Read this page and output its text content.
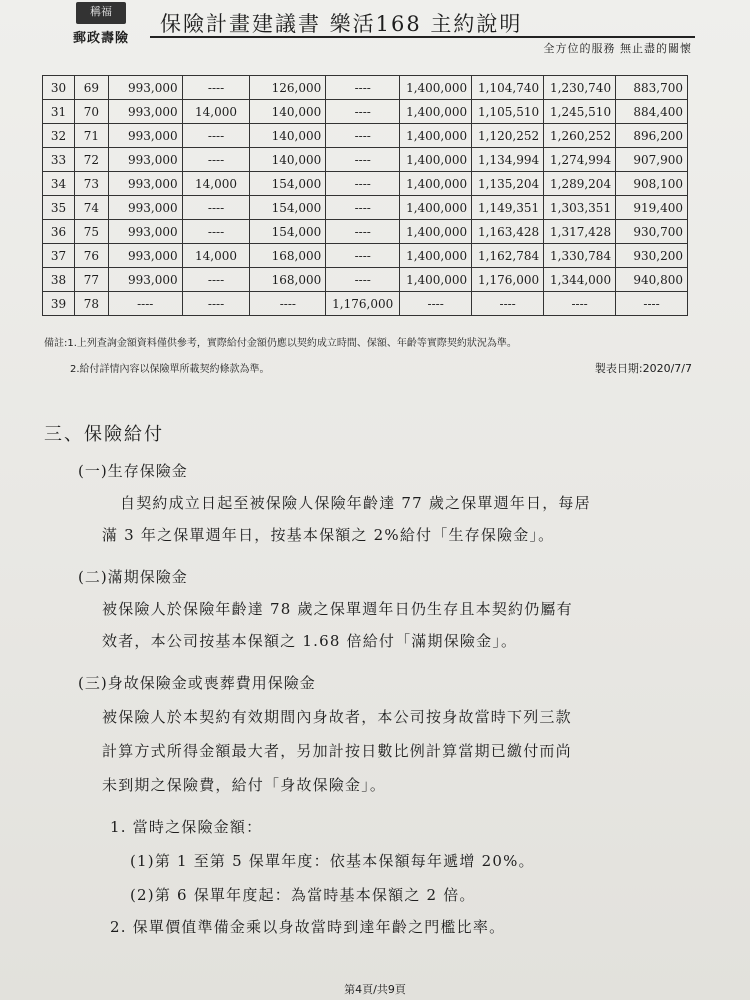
稱福
郵政壽險
保險計畫建議書 樂活168 主約說明
全方位的服務 無止盡的關懷
30	69	993,000	----	126,000	----	1,400,000	1,104,740	1,230,740	883,700
31	70	993,000	14,000	140,000	----	1,400,000	1,105,510	1,245,510	884,400
32	71	993,000	----	140,000	----	1,400,000	1,120,252	1,260,252	896,200
33	72	993,000	----	140,000	----	1,400,000	1,134,994	1,274,994	907,900
34	73	993,000	14,000	154,000	----	1,400,000	1,135,204	1,289,204	908,100
35	74	993,000	----	154,000	----	1,400,000	1,149,351	1,303,351	919,400
36	75	993,000	----	154,000	----	1,400,000	1,163,428	1,317,428	930,700
37	76	993,000	14,000	168,000	----	1,400,000	1,162,784	1,330,784	930,200
38	77	993,000	----	168,000	----	1,400,000	1,176,000	1,344,000	940,800
39	78	----	----	----	1,176,000	----	----	----	----
備註:1.上列查詢金額資料僅供參考，實際給付金額仍應以契約成立時間、保額、年齡等實際契約狀況為準。
2.給付詳情內容以保險單所載契約條款為準。	製表日期:2020/7/7
三、保險給付
(一)生存保險金
自契約成立日起至被保險人保險年齡達 77 歲之保單週年日，每居
滿 3 年之保單週年日，按基本保額之 2%給付「生存保險金」。
(二)滿期保險金
被保險人於保險年齡達 78 歲之保單週年日仍生存且本契約仍屬有
效者，本公司按基本保額之 1.68 倍給付「滿期保險金」。
(三)身故保險金或喪葬費用保險金
被保險人於本契約有效期間內身故者，本公司按身故當時下列三款
計算方式所得金額最大者，另加計按日數比例計算當期已繳付而尚
未到期之保險費，給付「身故保險金」。
1. 當時之保險金額：
(1)第 1 至第 5 保單年度：依基本保額每年遞增 20%。
(2)第 6 保單年度起：為當時基本保額之 2 倍。
2. 保單價值準備金乘以身故當時到達年齡之門檻比率。
第4頁/共9頁
